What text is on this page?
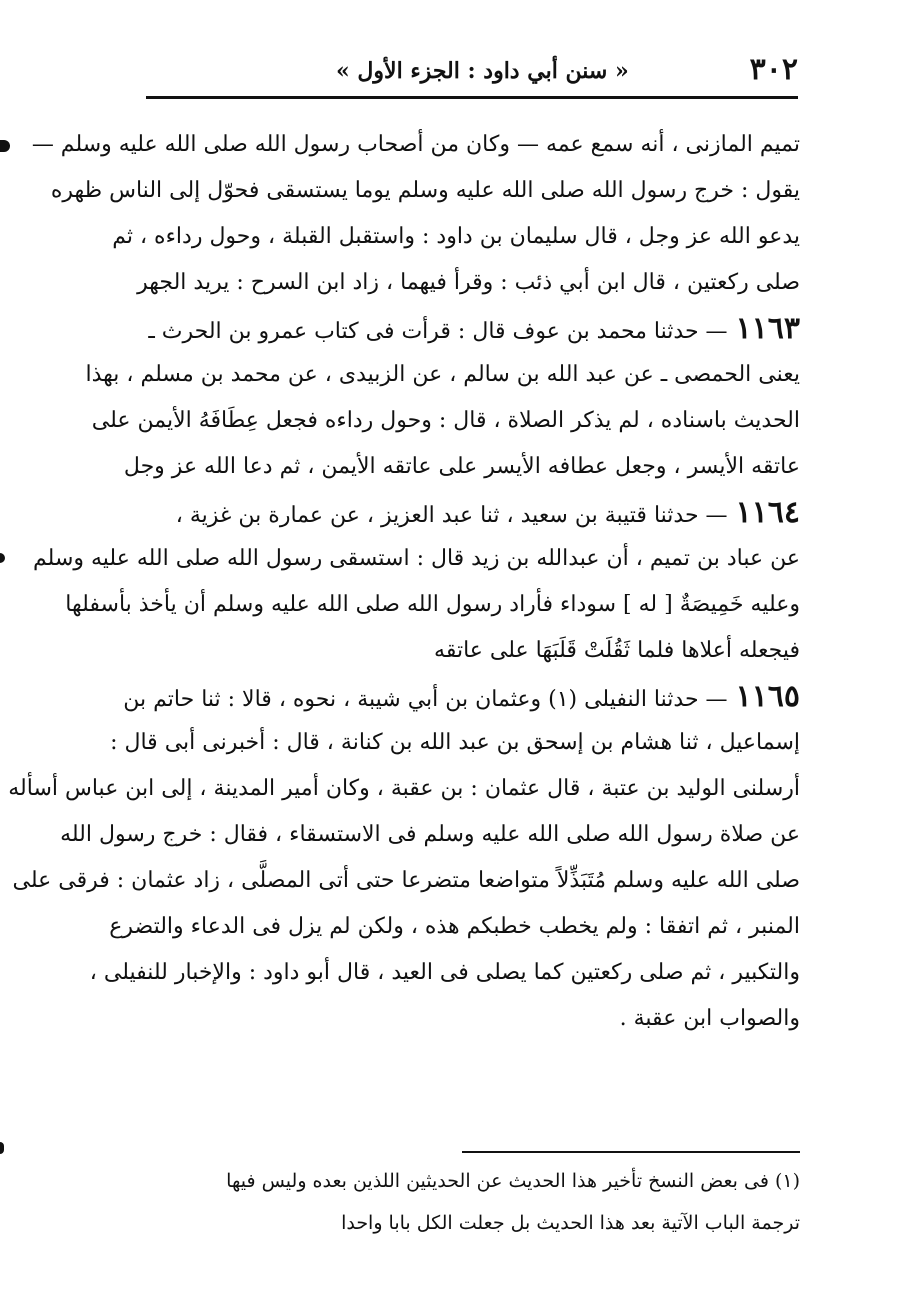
٣٠٢
« سنن أبي داود : الجزء الأول »
تميم المازنى ، أنه سمع عمه — وكان من أصحاب رسول الله صلى الله عليه وسلم —
يقول : خرج رسول الله صلى الله عليه وسلم يوما يستسقى فحوّل إلى الناس ظهره
يدعو الله عز وجل ، قال سليمان بن داود : واستقبل القبلة ، وحول رداءه ، ثم
صلى ركعتين ، قال ابن أبي ذئب : وقرأ فيهما ، زاد ابن السرح : يريد الجهر
١١٦٣— حدثنا محمد بن عوف قال : قرأت فى كتاب عمرو بن الحرث ـ
يعنى الحمصى ـ عن عبد الله بن سالم ، عن الزبيدى ، عن محمد بن مسلم ، بهذا
الحديث باسناده ، لم يذكر الصلاة ، قال : وحول رداءه فجعل عِطَافَهُ الأيمن على
عاتقه الأيسر ، وجعل عطافه الأيسر على عاتقه الأيمن ، ثم دعا الله عز وجل
١١٦٤— حدثنا قتيبة بن سعيد ، ثنا عبد العزيز ، عن عمارة بن غزية ،
عن عباد بن تميم ، أن عبدالله بن زيد قال : استسقى رسول الله صلى الله عليه وسلم
وعليه خَمِيصَةٌ [ له ] سوداء فأراد رسول الله صلى الله عليه وسلم أن يأخذ بأسفلها
فيجعله أعلاها فلما ثَقُلَتْ قَلَبَهَا على عاتقه
١١٦٥— حدثنا النفيلى (١) وعثمان بن أبي شيبة ، نحوه ، قالا : ثنا حاتم بن
إسماعيل ، ثنا هشام بن إسحق بن عبد الله بن كنانة ، قال : أخبرنى أبى قال :
أرسلنى الوليد بن عتبة ، قال عثمان : بن عقبة ، وكان أمير المدينة ، إلى ابن عباس أسأله
عن صلاة رسول الله صلى الله عليه وسلم فى الاستسقاء ، فقال : خرج رسول الله
صلى الله عليه وسلم مُتَبَذِّلاً متواضعا متضرعا حتى أتى المصلَّى ، زاد عثمان : فرقى على
المنبر ، ثم اتفقا : ولم يخطب خطبكم هذه ، ولكن لم يزل فى الدعاء والتضرع
والتكبير ، ثم صلى ركعتين كما يصلى فى العيد ، قال أبو داود : والإخبار للنفيلى ،
والصواب ابن عقبة .
(١) فى بعض النسخ تأخير هذا الحديث عن الحديثين اللذين بعده وليس فيها
ترجمة الباب الآتية بعد هذا الحديث بل جعلت الكل بابا واحدا
